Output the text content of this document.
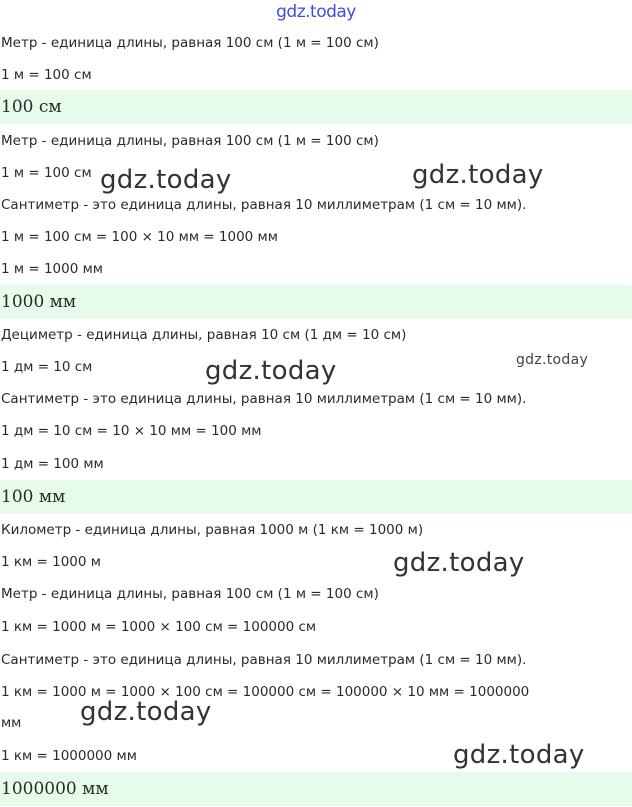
gdz.today
Метр - единица длины, равная 100 см (1 м = 100 см)
1 м = 100 см
100 см
Метр - единица длины, равная 100 см (1 м = 100 см)
1 м = 100 см
Сантиметр - это единица длины, равная 10 миллиметрам (1 см = 10 мм).
1 м = 100 см = 100 × 10 мм = 1000 мм
1 м = 1000 мм
1000 мм
Дециметр - единица длины, равная 10 см (1 дм = 10 см)
1 дм = 10 см
Сантиметр - это единица длины, равная 10 миллиметрам (1 см = 10 мм).
1 дм = 10 см = 10 × 10 мм = 100 мм
1 дм = 100 мм
100 мм
Километр - единица длины, равная 1000 м (1 км = 1000 м)
1 км = 1000 м
Метр - единица длины, равная 100 см (1 м = 100 см)
1 км = 1000 м = 1000 × 100 см = 100000 см
Сантиметр - это единица длины, равная 10 миллиметрам (1 см = 10 мм).
1 км = 1000 м = 1000 × 100 см = 100000 см = 100000 × 10 мм = 1000000
мм
1 км = 1000000 мм
1000000 мм
gdz.today	gdz.today
gdz.today	gdz.today
gdz.today
gdz.today
gdz.today
